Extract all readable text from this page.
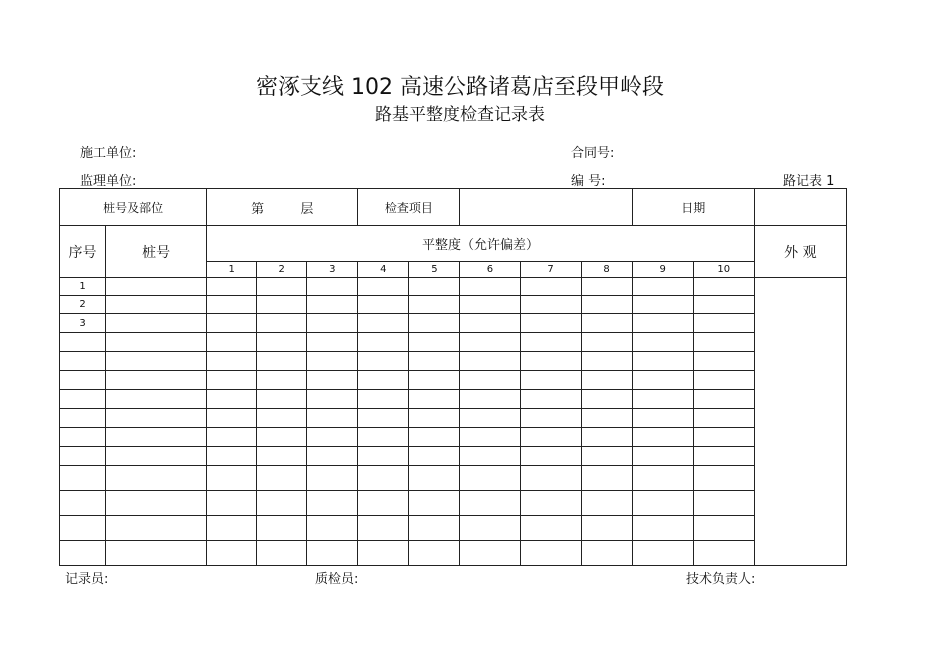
密涿支线 102 高速公路诸葛店至段甲岭段
路基平整度检查记录表
施工单位:	合同号:
监理单位:	编 号:	路记表 1
桩号及部位		第 层			检查项目					日期		
序号	桩号	平整度（允许偏差）										外 观
		1	2	3	4	5	6	7	8	9	10	
1												
2												
3												

记录员:	质检员:	技术负责人:
